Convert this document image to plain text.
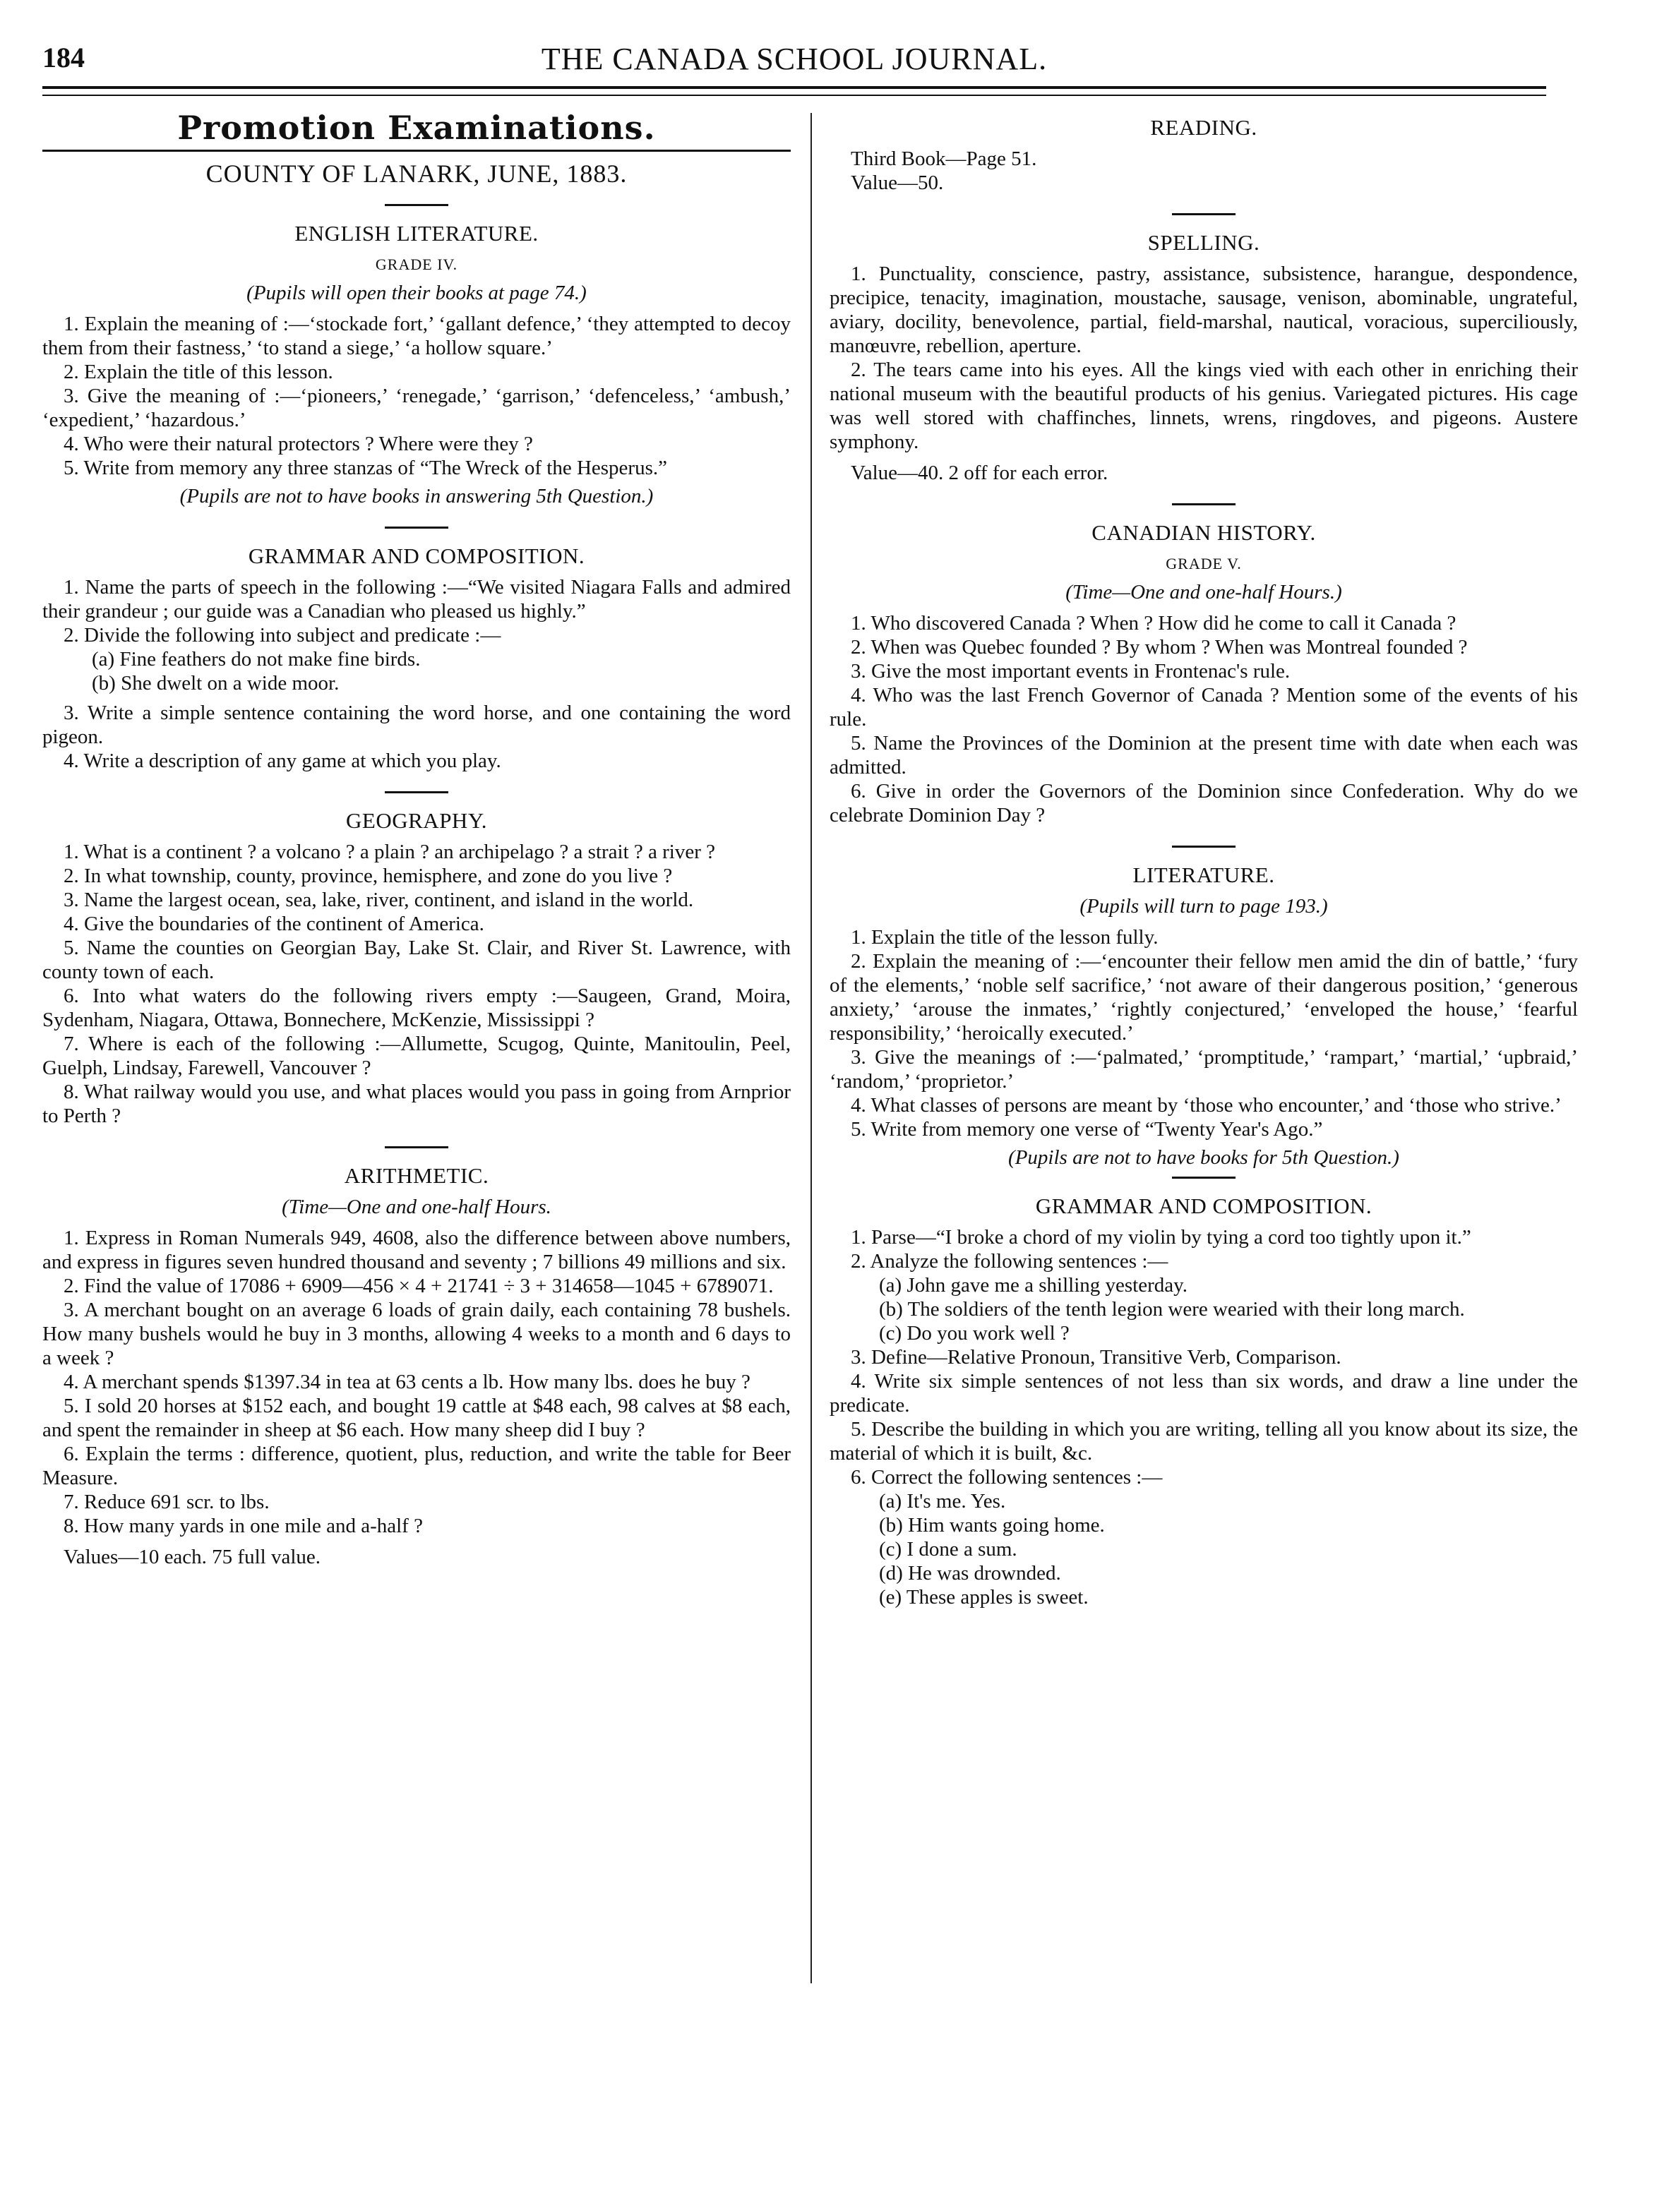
184	THE CANADA SCHOOL JOURNAL.
Promotion Examinations.
COUNTY OF LANARK, JUNE, 1883.
ENGLISH LITERATURE.
GRADE IV.
(Pupils will open their books at page 74.)

1. Explain the meaning of :—‘stockade fort,’ ‘gallant defence,’ ‘they attempted to decoy them from their fastness,’ ‘to stand a siege,’ ‘a hollow square.’

2. Explain the title of this lesson.

3. Give the meaning of :—‘pioneers,’ ‘renegade,’ ‘garrison,’ ‘defenceless,’ ‘ambush,’ ‘expedient,’ ‘hazardous.’

4. Who were their natural protectors ? Where were they ?

5. Write from memory any three stanzas of “The Wreck of the Hesperus.”

(Pupils are not to have books in answering 5th Question.)
GRAMMAR AND COMPOSITION.

1. Name the parts of speech in the following :—“We visited Niagara Falls and admired their grandeur ; our guide was a Canadian who pleased us highly.”

2. Divide the following into subject and predicate :—

(a) Fine feathers do not make fine birds.

(b) She dwelt on a wide moor.

3. Write a simple sentence containing the word horse, and one containing the word pigeon.

4. Write a description of any game at which you play.

GEOGRAPHY.

1. What is a continent ? a volcano ? a plain ? an archipelago ? a strait ? a river ?

2. In what township, county, province, hemisphere, and zone do you live ?

3. Name the largest ocean, sea, lake, river, continent, and island in the world.

4. Give the boundaries of the continent of America.

5. Name the counties on Georgian Bay, Lake St. Clair, and River St. Lawrence, with county town of each.

6. Into what waters do the following rivers empty :—Saugeen, Grand, Moira, Sydenham, Niagara, Ottawa, Bonnechere, McKenzie, Mississippi ?

7. Where is each of the following :—Allumette, Scugog, Quinte, Manitoulin, Peel, Guelph, Lindsay, Farewell, Vancouver ?

8. What railway would you use, and what places would you pass in going from Arnprior to Perth ?

ARITHMETIC.
(Time—One and one-half Hours.

1. Express in Roman Numerals 949, 4608, also the difference between above numbers, and express in figures seven hundred thousand and seventy ; 7 billions 49 millions and six.

2. Find the value of 17086 + 6909—456 × 4 + 21741 ÷ 3 + 314658—1045 + 6789071.

3. A merchant bought on an average 6 loads of grain daily, each containing 78 bushels. How many bushels would he buy in 3 months, allowing 4 weeks to a month and 6 days to a week ?

4. A merchant spends $1397.34 in tea at 63 cents a lb. How many lbs. does he buy ?

5. I sold 20 horses at $152 each, and bought 19 cattle at $48 each, 98 calves at $8 each, and spent the remainder in sheep at $6 each. How many sheep did I buy ?

6. Explain the terms : difference, quotient, plus, reduction, and write the table for Beer Measure.

7. Reduce 691 scr. to lbs.

8. How many yards in one mile and a-half ?

Values—10 each. 75 full value.

READING.

Third Book—Page 51.

Value—50.

SPELLING.

1. Punctuality, conscience, pastry, assistance, subsistence, harangue, despondence, precipice, tenacity, imagination, moustache, sausage, venison, abominable, ungrateful, aviary, docility, benevolence, partial, field-marshal, nautical, voracious, superciliously, manœuvre, rebellion, aperture.

2. The tears came into his eyes. All the kings vied with each other in enriching their national museum with the beautiful products of his genius. Variegated pictures. His cage was well stored with chaffinches, linnets, wrens, ringdoves, and pigeons. Austere symphony.

Value—40. 2 off for each error.

CANADIAN HISTORY.
GRADE V.
(Time—One and one-half Hours.)

1. Who discovered Canada ? When ? How did he come to call it Canada ?

2. When was Quebec founded ? By whom ? When was Montreal founded ?

3. Give the most important events in Frontenac's rule.

4. Who was the last French Governor of Canada ? Mention some of the events of his rule.

5. Name the Provinces of the Dominion at the present time with date when each was admitted.

6. Give in order the Governors of the Dominion since Confederation. Why do we celebrate Dominion Day ?

LITERATURE.
(Pupils will turn to page 193.)

1. Explain the title of the lesson fully.

2. Explain the meaning of :—‘encounter their fellow men amid the din of battle,’ ‘fury of the elements,’ ‘noble self sacrifice,’ ‘not aware of their dangerous position,’ ‘generous anxiety,’ ‘arouse the inmates,’ ‘rightly conjectured,’ ‘enveloped the house,’ ‘fearful responsibility,’ ‘heroically executed.’

3. Give the meanings of :—‘palmated,’ ‘promptitude,’ ‘rampart,’ ‘martial,’ ‘upbraid,’ ‘random,’ ‘proprietor.’

4. What classes of persons are meant by ‘those who encounter,’ and ‘those who strive.’

5. Write from memory one verse of “Twenty Year's Ago.”

(Pupils are not to have books for 5th Question.)
GRAMMAR AND COMPOSITION.

1. Parse—“I broke a chord of my violin by tying a cord too tightly upon it.”

2. Analyze the following sentences :—

(a) John gave me a shilling yesterday.

(b) The soldiers of the tenth legion were wearied with their long march.

(c) Do you work well ?

3. Define—Relative Pronoun, Transitive Verb, Comparison.

4. Write six simple sentences of not less than six words, and draw a line under the predicate.

5. Describe the building in which you are writing, telling all you know about its size, the material of which it is built, &c.

6. Correct the following sentences :—

(a) It's me. Yes.

(b) Him wants going home.

(c) I done a sum.

(d) He was drownded.

(e) These apples is sweet.
